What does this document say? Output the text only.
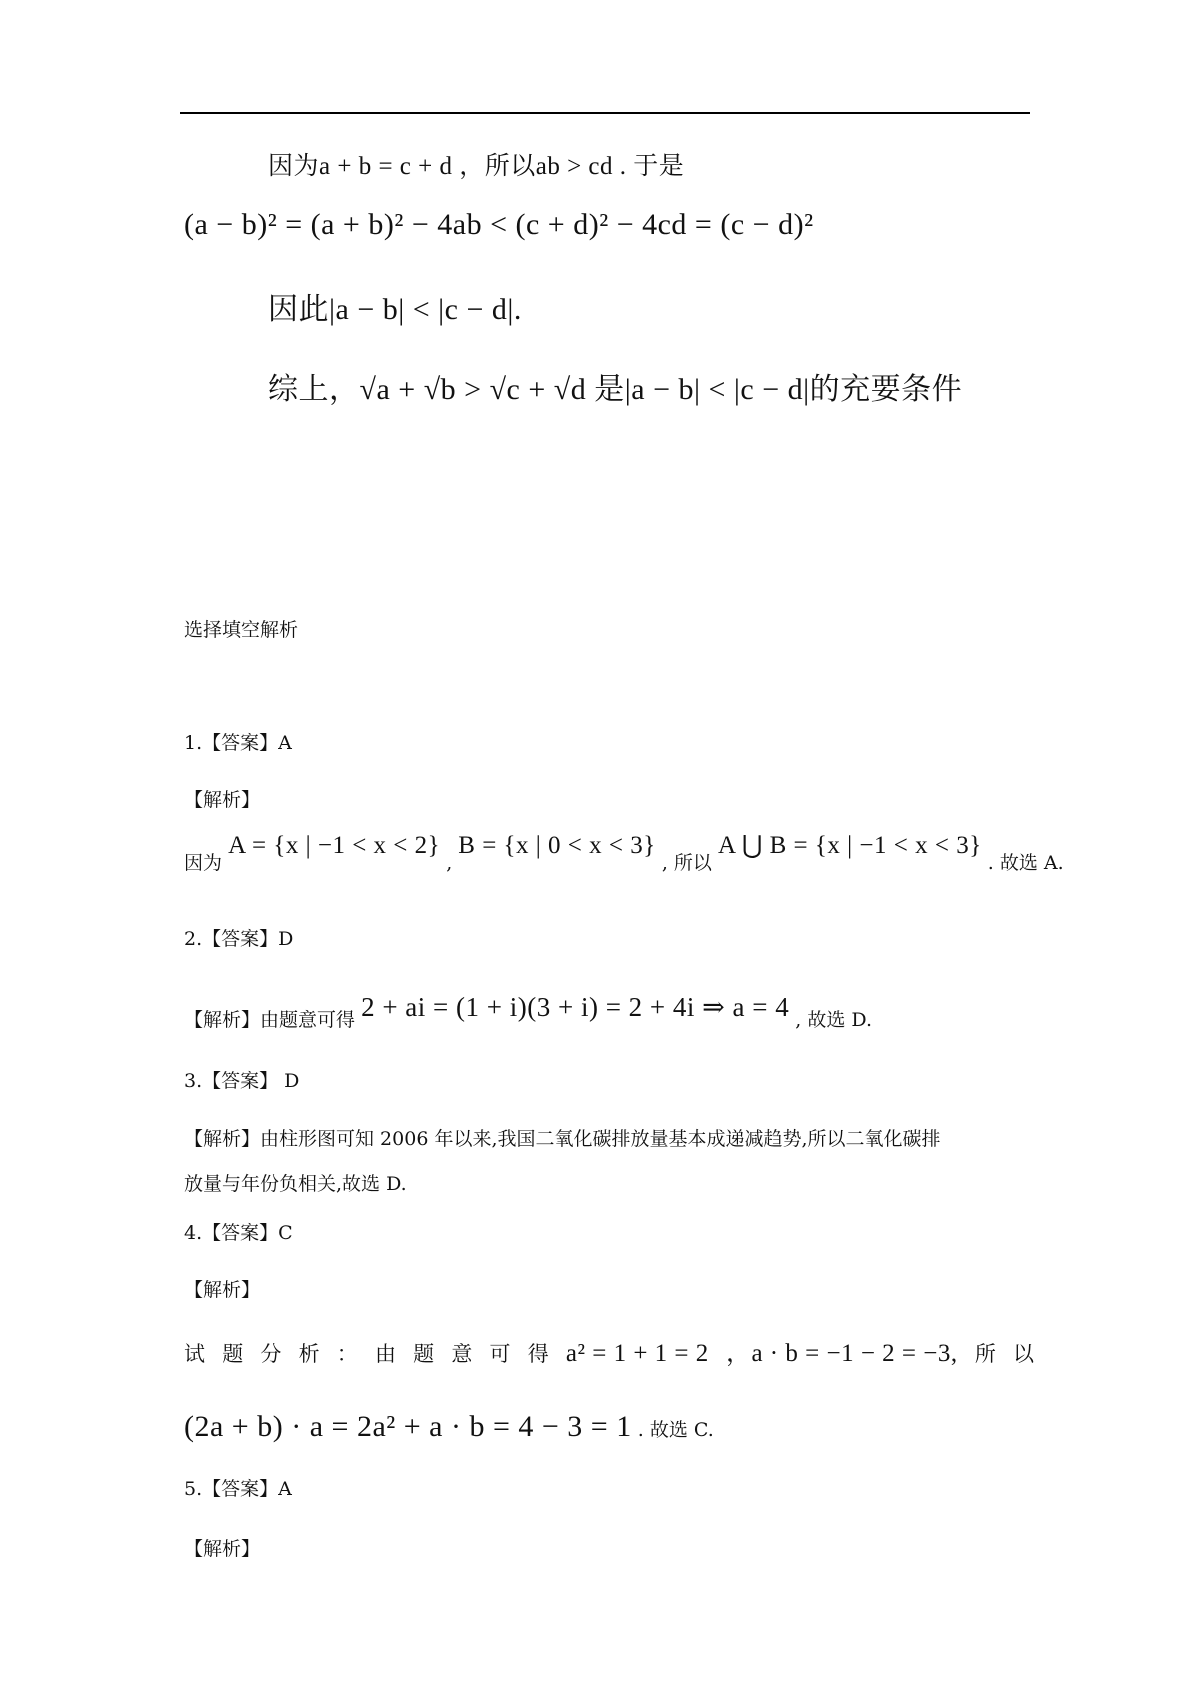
因为a + b = c + d ，所以ab > cd . 于是
(a − b)² = (a + b)² − 4ab < (c + d)² − 4cd = (c − d)²
因此|a − b| < |c − d|.
综上，√a + √b > √c + √d 是|a − b| < |c − d|的充要条件
选择填空解析
1.【答案】A
【解析】
因为 A = {x | −1 < x < 2} , B = {x | 0 < x < 3} , 所以 A ⋃ B = {x | −1 < x < 3} . 故选 A.
2.【答案】D
【解析】由题意可得 2 + ai = (1 + i)(3 + i) = 2 + 4i ⇒ a = 4 , 故选 D.
3.【答案】 D
【解析】由柱形图可知 2006 年以来,我国二氧化碳排放量基本成递减趋势,所以二氧化碳排
放量与年份负相关,故选 D.
4.【答案】C
【解析】
试 题 分 析 ： 由 题 意 可 得 a² = 1 + 1 = 2 ，a · b = −1 − 2 = −3, 所 以
(2a + b) · a = 2a² + a · b = 4 − 3 = 1 . 故选 C.
5.【答案】A
【解析】
